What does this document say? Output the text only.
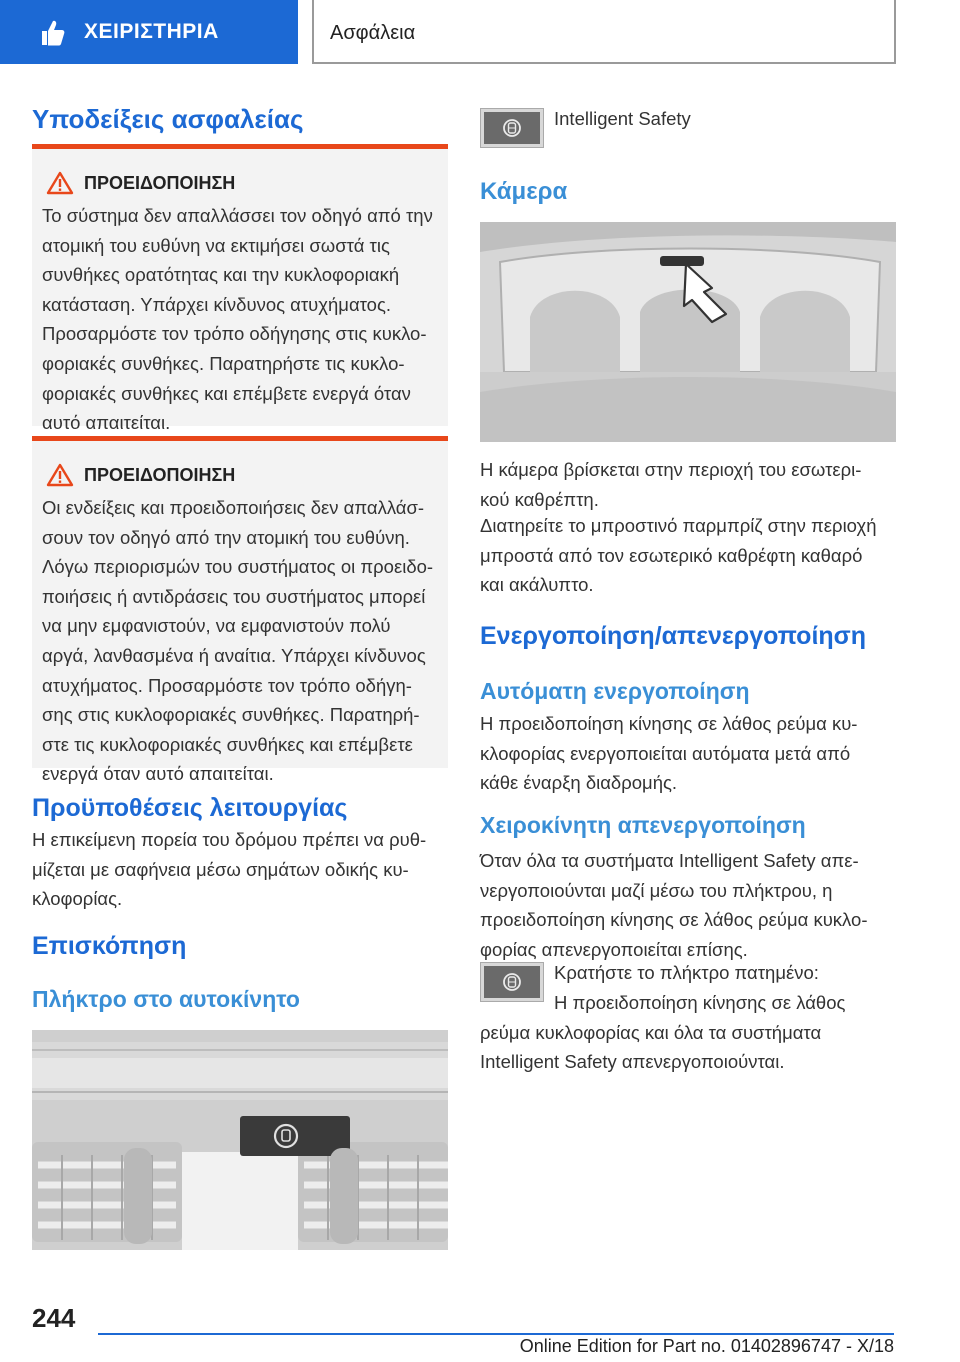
ΧΕΙΡΙΣΤΗΡΙΑ	Ασφάλεια
Υποδείξεις ασφαλείας
ΠΡΟΕΙΔΟΠΟΙΗΣΗ
Το σύστημα δεν απαλλάσσει τον οδηγό από την
ατομική του ευθύνη να εκτιμήσει σωστά τις
συνθήκες ορατότητας και την κυκλοφοριακή
κατάσταση. Υπάρχει κίνδυνος ατυχήματος.
Προσαρμόστε τον τρόπο οδήγησης στις κυκλο-
φοριακές συνθήκες. Παρατηρήστε τις κυκλο-
φοριακές συνθήκες και επέμβετε ενεργά όταν
αυτό απαιτείται.
ΠΡΟΕΙΔΟΠΟΙΗΣΗ
Οι ενδείξεις και προειδοποιήσεις δεν απαλλάσ-
σουν τον οδηγό από την ατομική του ευθύνη.
Λόγω περιορισμών του συστήματος οι προειδο-
ποιήσεις ή αντιδράσεις του συστήματος μπορεί
να μην εμφανιστούν, να εμφανιστούν πολύ
αργά, λανθασμένα ή αναίτια. Υπάρχει κίνδυνος
ατυχήματος. Προσαρμόστε τον τρόπο οδήγη-
σης στις κυκλοφοριακές συνθήκες. Παρατηρή-
στε τις κυκλοφοριακές συνθήκες και επέμβετε
ενεργά όταν αυτό απαιτείται.
Προϋποθέσεις λειτουργίας
Η επικείμενη πορεία του δρόμου πρέπει να ρυθ-
μίζεται με σαφήνεια μέσω σημάτων οδικής κυ-
κλοφορίας.
Επισκόπηση
Πλήκτρο στο αυτοκίνητο
Intelligent Safety
Κάμερα
Η κάμερα βρίσκεται στην περιοχή του εσωτερι-
κού καθρέπτη.
Διατηρείτε το μπροστινό παρμπρίζ στην περιοχή
μπροστά από τον εσωτερικό καθρέφτη καθαρό
και ακάλυπτο.
Ενεργοποίηση/απενεργοποίηση
Αυτόματη ενεργοποίηση
Η προειδοποίηση κίνησης σε λάθος ρεύμα κυ-
κλοφορίας ενεργοποιείται αυτόματα μετά από
κάθε έναρξη διαδρομής.
Χειροκίνητη απενεργοποίηση
Όταν όλα τα συστήματα Intelligent Safety απε-
νεργοποιούνται μαζί μέσω του πλήκτρου, η
προειδοποίηση κίνησης σε λάθος ρεύμα κυκλο-
φορίας απενεργοποιείται επίσης.
Κρατήστε το πλήκτρο πατημένο:
Η προειδοποίηση κίνησης σε λάθος
ρεύμα κυκλοφορίας και όλα τα συστήματα
Intelligent Safety απενεργοποιούνται.
244
Online Edition for Part no. 01402896747 - X/18
